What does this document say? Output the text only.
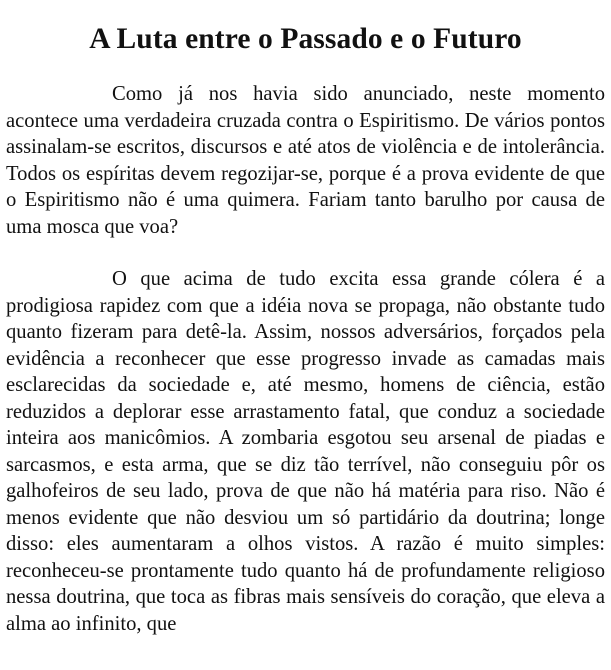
A Luta entre o Passado e o Futuro

Como já nos havia sido anunciado, neste momento acontece uma verdadeira cruzada contra o Espiritismo. De vários pontos assinalam-se escritos, discursos e até atos de violência e de intolerância. Todos os espíritas devem regozijar-se, porque é a prova evidente de que o Espiritismo não é uma quimera. Fariam tanto barulho por causa de uma mosca que voa?

O que acima de tudo excita essa grande cólera é a prodigiosa rapidez com que a idéia nova se propaga, não obstante tudo quanto fizeram para detê-la. Assim, nossos adversários, forçados pela evidência a reconhecer que esse progresso invade as camadas mais esclarecidas da sociedade e, até mesmo, homens de ciência, estão reduzidos a deplorar esse arrastamento fatal, que conduz a sociedade inteira aos manicômios. A zombaria esgotou seu arsenal de piadas e sarcasmos, e esta arma, que se diz tão terrível, não conseguiu pôr os galhofeiros de seu lado, prova de que não há matéria para riso. Não é menos evidente que não desviou um só partidário da doutrina; longe disso: eles aumentaram a olhos vistos. A razão é muito simples: reconheceu-se prontamente tudo quanto há de profundamente religioso nessa doutrina, que toca as fibras mais sensíveis do coração, que eleva a alma ao infinito, que
